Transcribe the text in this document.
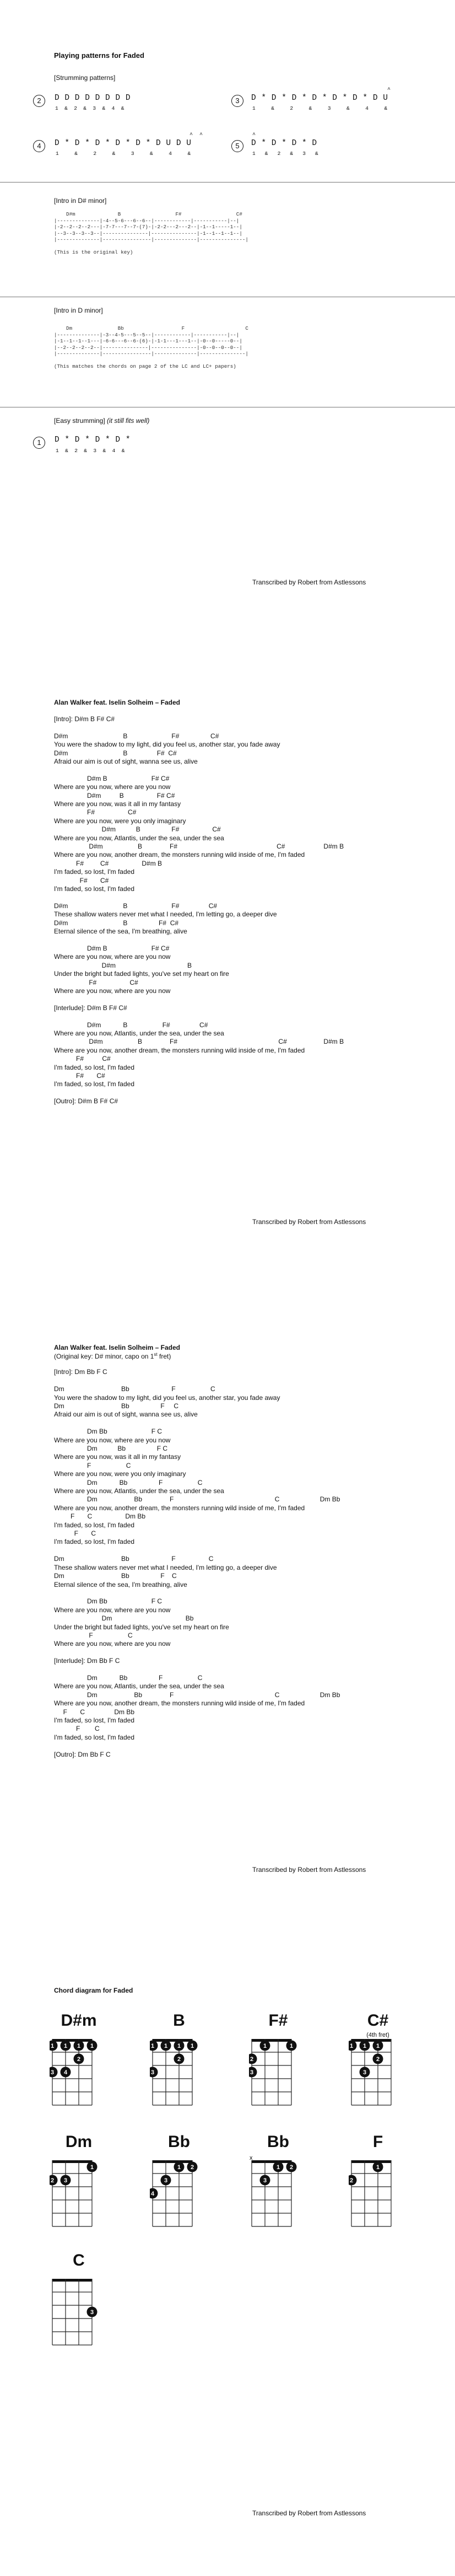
Playing patterns for Faded
[Strumming patterns]
2	D D D D D D D D
1  &  2  &  3  &  4  &
3
^
D * D * D * D * D * D * D U
1     &     2     &     3     &     4     &
4
^  ^
D * D * D * D * D * D U D U
1     &     2     &     3     &     4     &
5
^
D * D * D * D
1   &   2   &   3   &
[Intro in D# minor]
D#m              B                  F#                  C#
|--------------|-4--5-6---6--6--|------------|-----------|--|
|-2--2--2--2---|-7-7---7--7-(7)-|-2-2---2---2--|-1--1-----1--|
|--3--3--3--3--|---------------|---------------|-1--1--1--1--|
|--------------|----------------|--------------|---------------|

(This is the original key)
[Intro in D minor]
Dm               Bb                   F                    C
|--------------|-3--4-5---5--5--|------------|-----------|--|
|-1--1--1--1---|-6-6---6--6-(6)-|-1-1---1---1--|-0--0-----0--|
|--2--2--2--2--|---------------|---------------|-0--0--0--0--|
|--------------|----------------|--------------|---------------|

(This matches the chords on page 2 of the LC and LC+ papers)
[Easy strumming] (it still fits well)
1	D * D * D * D *
1  &  2  &  3  &  4  &
Transcribed by Robert from Astlessons
Alan Walker feat. Iselin Solheim – Faded
[Intro]: D#m B F# C#
D#m                              B                        F#                 C#
You were the shadow to my light, did you feel us, another star, you fade away
D#m                              B                F#  C#
Afraid our aim is out of sight, wanna see us, alive
D#m B                        F# C#
Where are you now, where are you now
D#m          B                  F# C#
Where are you now, was it all in my fantasy
F#                  C#
Where are you now, were you only imaginary
D#m           B                 F#                  C#
Where are you now, Atlantis, under the sea, under the sea
D#m                   B               F#                                                      C#                     D#m B
Where are you now, another dream, the monsters running wild inside of me, I'm faded
F#         C#                  D#m B
I'm faded, so lost, I'm faded
F#       C#
I'm faded, so lost, I'm faded
D#m                              B                        F#                C#
These shallow waters never met what I needed, I'm letting go, a deeper dive
D#m                              B                 F#  C#
Eternal silence of the sea, I'm breathing, alive
D#m B                        F# C#
Where are you now, where are you now
D#m                                       B
Under the bright but faded lights, you've set my heart on fire
F#                  C#
Where are you now, where are you now
[Interlude]: D#m B F# C#
D#m            B                   F#                C#
Where are you now, Atlantis, under the sea, under the sea
D#m                   B               F#                                                       C#                    D#m B
Where are you now, another dream, the monsters running wild inside of me, I'm faded
F#          C#
I'm faded, so lost, I'm faded
F#       C#
I'm faded, so lost, I'm faded
[Outro]: D#m B F# C#
Transcribed by Robert from Astlessons
Alan Walker feat. Iselin Solheim – Faded
(Original key: D# minor, capo on 1st fret)
[Intro]: Dm Bb F C
Dm                               Bb                       F                   C
You were the shadow to my light, did you feel us, another star, you fade away
Dm                               Bb                 F     C
Afraid our aim is out of sight, wanna see us, alive
Dm Bb                        F C
Where are you now, where are you now
Dm           Bb                 F C
Where are you now, was it all in my fantasy
F                   C
Where are you now, were you only imaginary
Dm            Bb                 F                   C
Where are you now, Atlantis, under the sea, under the sea
Dm                    Bb               F                                                       C                      Dm Bb
Where are you now, another dream, the monsters running wild inside of me, I'm faded
F       C                  Dm Bb
I'm faded, so lost, I'm faded
F       C
I'm faded, so lost, I'm faded
Dm                               Bb                       F                  C
These shallow waters never met what I needed, I'm letting go, a deeper dive
Dm                               Bb                 F    C
Eternal silence of the sea, I'm breathing, alive
Dm Bb                        F C
Where are you now, where are you now
Dm                                        Bb
Under the bright but faded lights, you've set my heart on fire
F                   C
Where are you now, where are you now
[Interlude]: Dm Bb F C
Dm            Bb                 F                   C
Where are you now, Atlantis, under the sea, under the sea
Dm                    Bb               F                                                       C                      Dm Bb
Where are you now, another dream, the monsters running wild inside of me, I'm faded
F       C                Dm Bb
I'm faded, so lost, I'm faded
F        C
I'm faded, so lost, I'm faded
[Outro]: Dm Bb F C
Transcribed by Robert from Astlessons
Chord diagram for Faded
D#m
1 1 1 1
2
3 4
B
1 1 1 1
2
3
F#
1	1
2
3
C#
(4th fret)
1 1 1
2
3
Dm
1
2 3
Bb
1 2
3
4
Bb
x
1 2
3
F
1
2
C
3
Transcribed by Robert from Astlessons
